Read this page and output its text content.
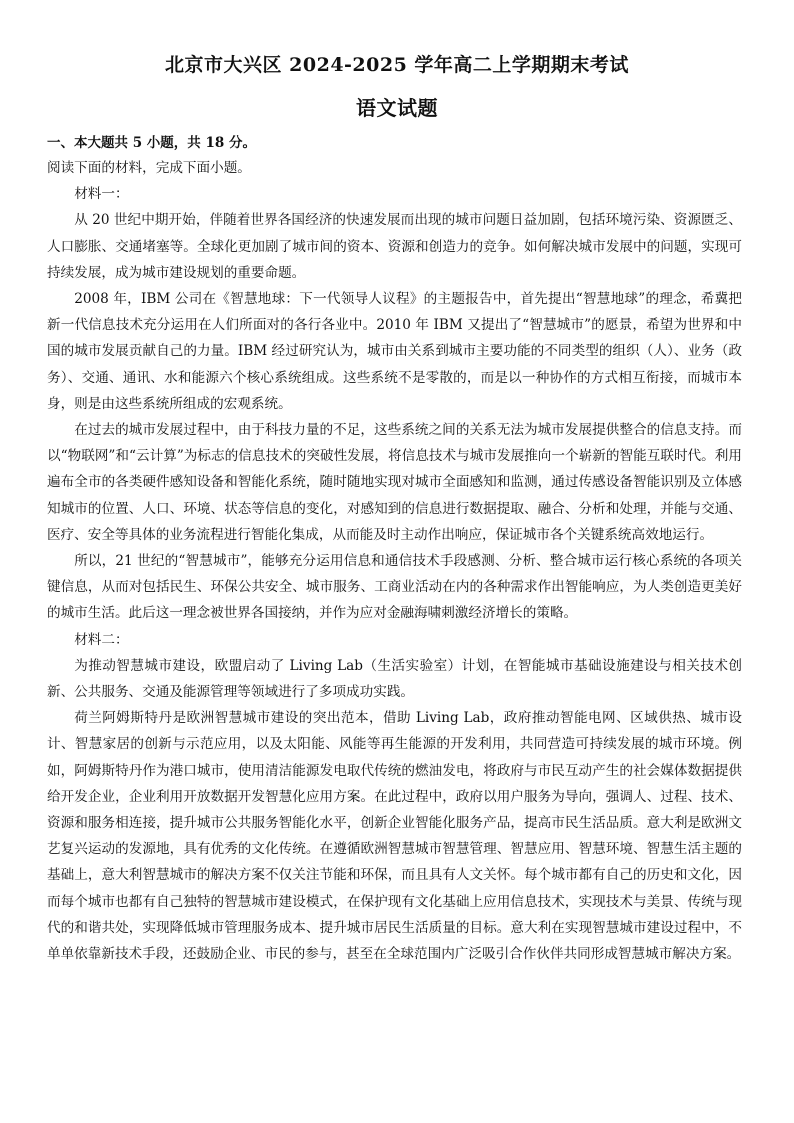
北京市大兴区 2024-2025 学年高二上学期期末考试
语文试题
一、本大题共 5 小题，共 18 分。

阅读下面的材料，完成下面小题。

材料一：

从 20 世纪中期开始，伴随着世界各国经济的快速发展而出现的城市问题日益加剧，包括环境污染、资源匮乏、人口膨胀、交通堵塞等。全球化更加剧了城市间的资本、资源和创造力的竞争。如何解决城市发展中的问题，实现可持续发展，成为城市建设规划的重要命题。

2008 年，IBM 公司在《智慧地球：下一代领导人议程》的主题报告中，首先提出“智慧地球”的理念，希冀把新一代信息技术充分运用在人们所面对的各行各业中。2010 年 IBM 又提出了“智慧城市”的愿景，希望为世界和中国的城市发展贡献自己的力量。IBM 经过研究认为，城市由关系到城市主要功能的不同类型的组织（人）、业务（政务）、交通、通讯、水和能源六个核心系统组成。这些系统不是零散的，而是以一种协作的方式相互衔接，而城市本身，则是由这些系统所组成的宏观系统。

在过去的城市发展过程中，由于科技力量的不足，这些系统之间的关系无法为城市发展提供整合的信息支持。而以“物联网”和“云计算”为标志的信息技术的突破性发展，将信息技术与城市发展推向一个崭新的智能互联时代。利用遍布全市的各类硬件感知设备和智能化系统，随时随地实现对城市全面感知和监测，通过传感设备智能识别及立体感知城市的位置、人口、环境、状态等信息的变化，对感知到的信息进行数据提取、融合、分析和处理，并能与交通、医疗、安全等具体的业务流程进行智能化集成，从而能及时主动作出响应，保证城市各个关键系统高效地运行。

所以，21 世纪的“智慧城市”，能够充分运用信息和通信技术手段感测、分析、整合城市运行核心系统的各项关键信息，从而对包括民生、环保公共安全、城市服务、工商业活动在内的各种需求作出智能响应，为人类创造更美好的城市生活。此后这一理念被世界各国接纳，并作为应对金融海啸刺激经济增长的策略。

材料二：

为推动智慧城市建设，欧盟启动了 Living Lab（生活实验室）计划，在智能城市基础设施建设与相关技术创新、公共服务、交通及能源管理等领域进行了多项成功实践。

荷兰阿姆斯特丹是欧洲智慧城市建设的突出范本，借助 Living Lab，政府推动智能电网、区域供热、城市设计、智慧家居的创新与示范应用，以及太阳能、风能等再生能源的开发利用，共同营造可持续发展的城市环境。例如，阿姆斯特丹作为港口城市，使用清洁能源发电取代传统的燃油发电，将政府与市民互动产生的社会媒体数据提供给开发企业，企业利用开放数据开发智慧化应用方案。在此过程中，政府以用户服务为导向，强调人、过程、技术、资源和服务相连接，提升城市公共服务智能化水平，创新企业智能化服务产品，提高市民生活品质。意大利是欧洲文艺复兴运动的发源地，具有优秀的文化传统。在遵循欧洲智慧城市智慧管理、智慧应用、智慧环境、智慧生活主题的基础上，意大利智慧城市的解决方案不仅关注节能和环保，而且具有人文关怀。每个城市都有自己的历史和文化，因而每个城市也都有自己独特的智慧城市建设模式，在保护现有文化基础上应用信息技术，实现技术与美景、传统与现代的和谐共处，实现降低城市管理服务成本、提升城市居民生活质量的目标。意大利在实现智慧城市建设过程中，不单单依靠新技术手段，还鼓励企业、市民的参与，甚至在全球范围内广泛吸引合作伙伴共同形成智慧城市解决方案。
